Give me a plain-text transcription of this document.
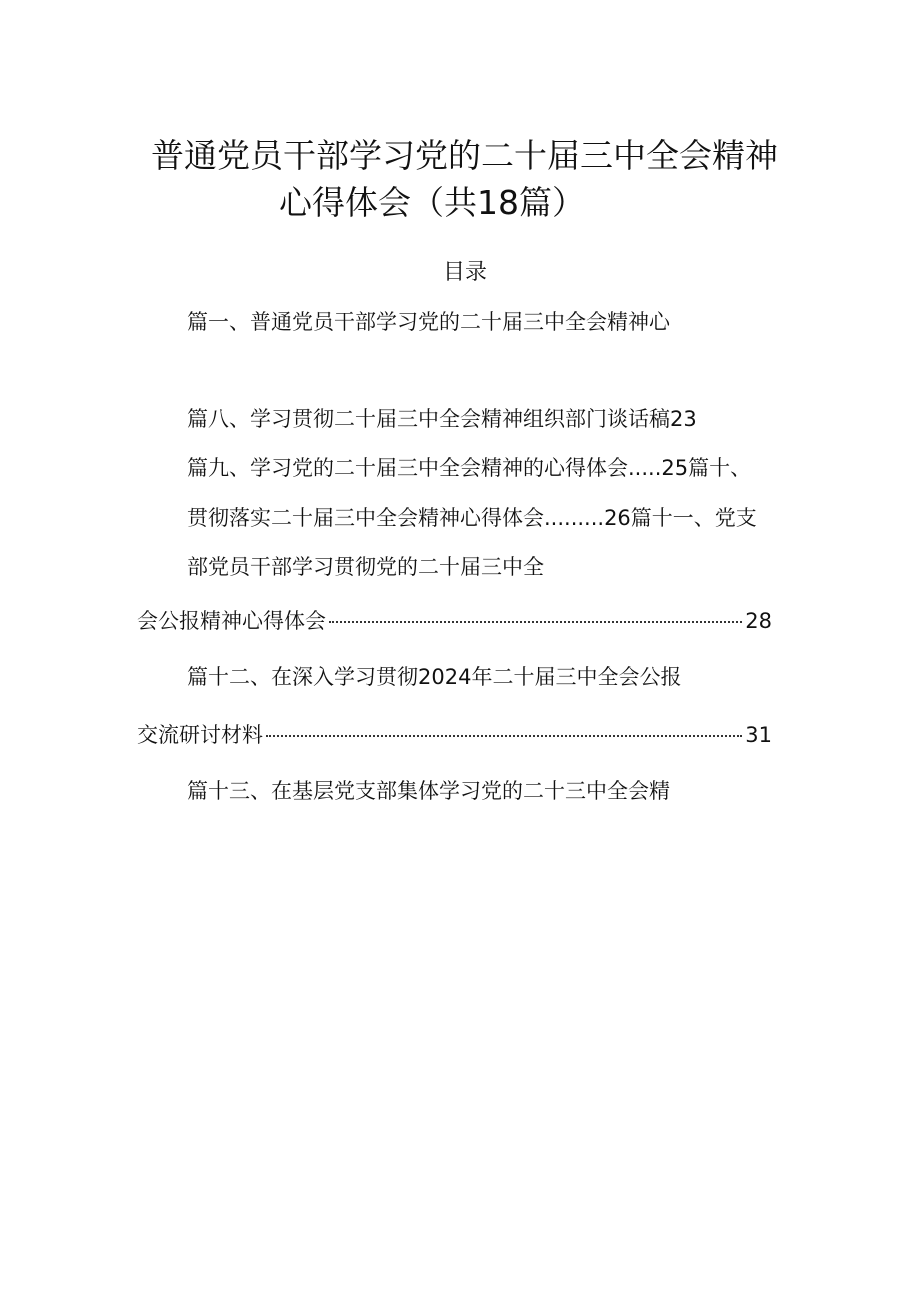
普通党员干部学习党的二十届三中全会精神
心得体会（共18篇）
目录
篇一、普通党员干部学习党的二十届三中全会精神心
篇八、学习贯彻二十届三中全会精神组织部门谈话稿23
篇九、学习党的二十届三中全会精神的心得体会.....25篇十、
贯彻落实二十届三中全会精神心得体会.........26篇十一、党支
部党员干部学习贯彻党的二十届三中全
会公报精神心得体会	28
篇十二、在深入学习贯彻2024年二十届三中全会公报
交流研讨材料	31
篇十三、在基层党支部集体学习党的二十三中全会精
